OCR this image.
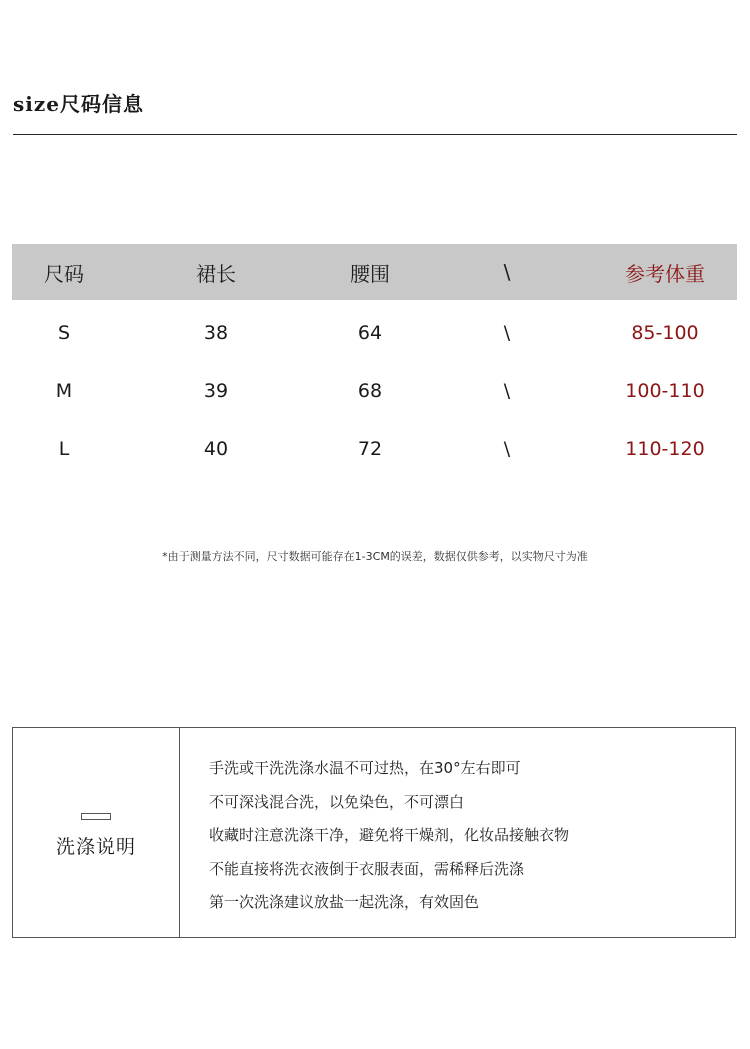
size尺码信息
尺码	裙长	腰围	\	参考体重
S	38	64	\	85-100
M	39	68	\	100-110
L	40	72	\	110-120
*由于测量方法不同，尺寸数据可能存在1-3CM的误差，数据仅供参考，以实物尺寸为准
洗涤说明
手洗或干洗洗涤水温不可过热，在30°左右即可
不可深浅混合洗，以免染色，不可漂白
收藏时注意洗涤干净，避免将干燥剂，化妆品接触衣物
不能直接将洗衣液倒于衣服表面，需稀释后洗涤
第一次洗涤建议放盐一起洗涤，有效固色
